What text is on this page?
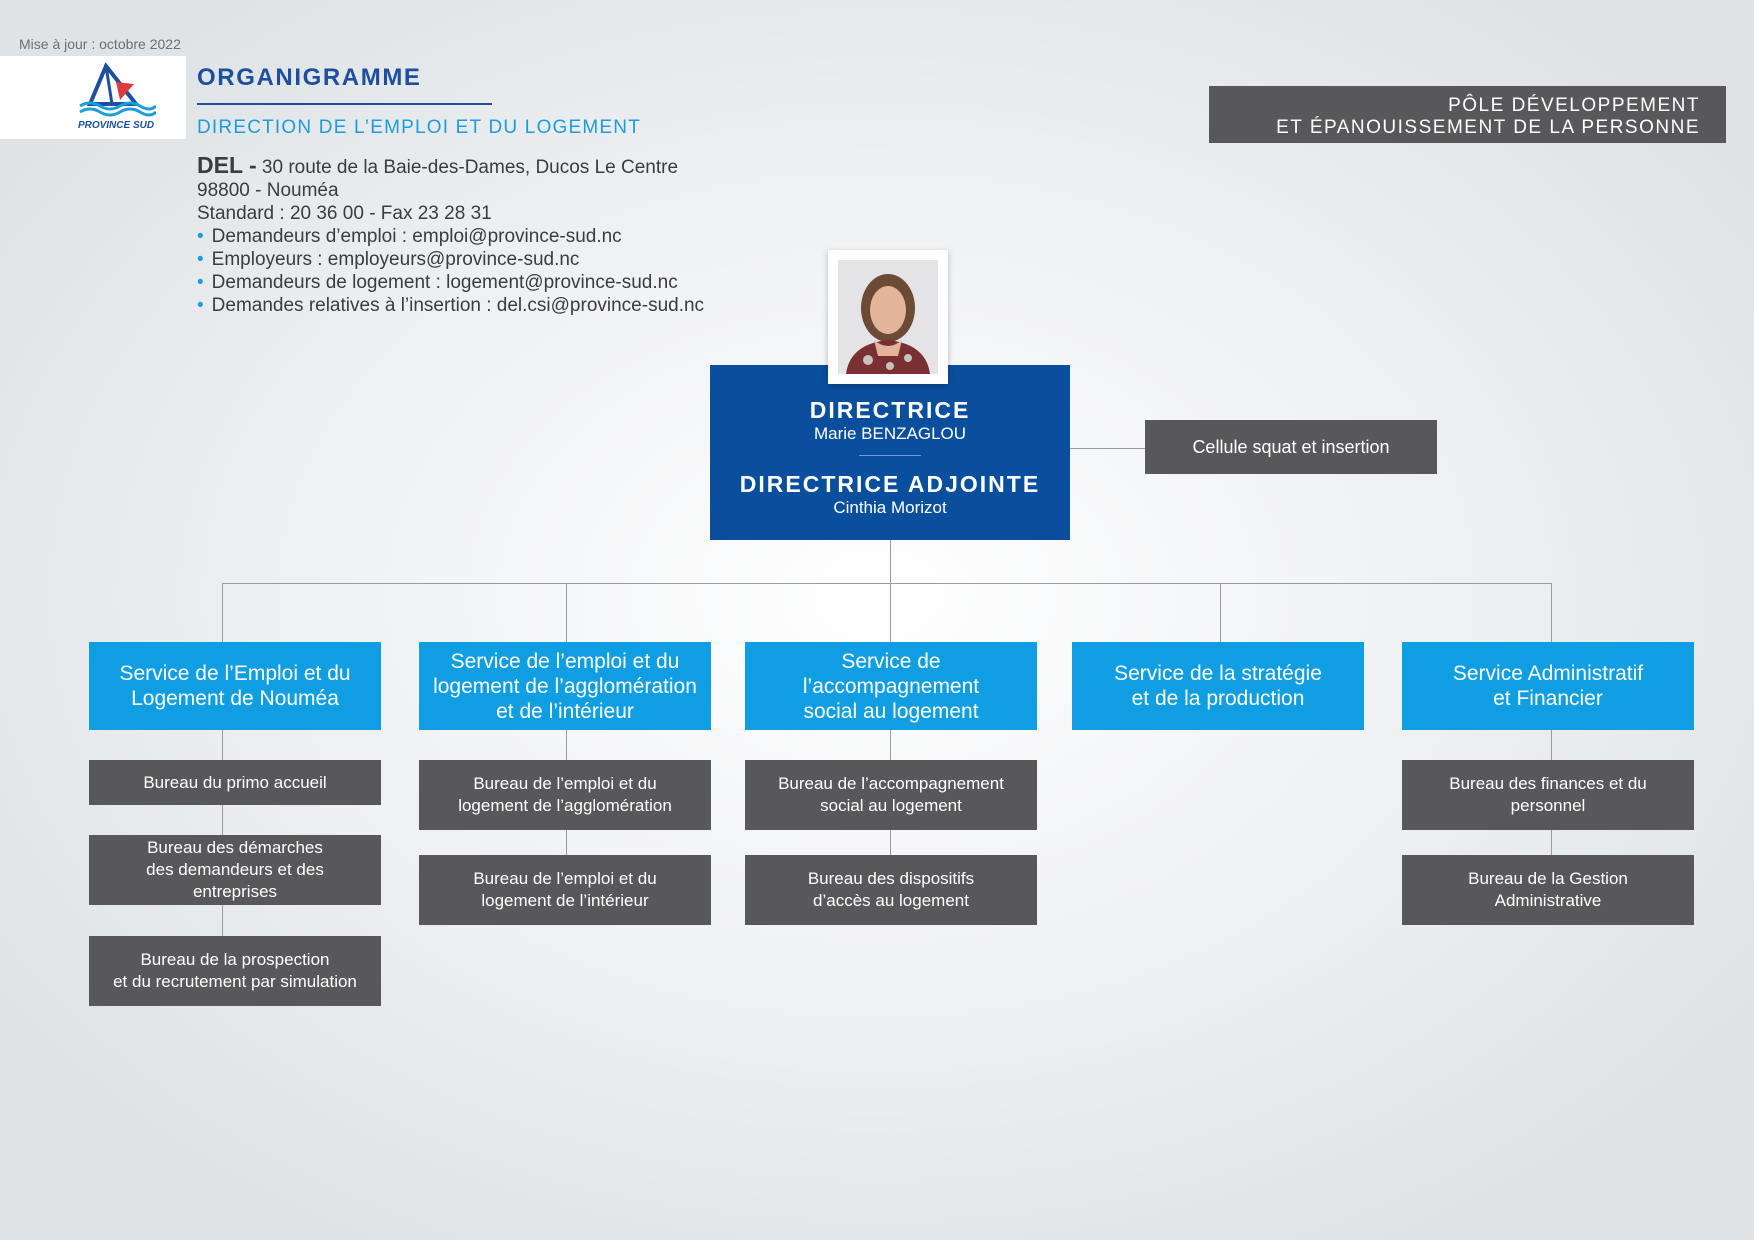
Mise à jour : octobre 2022
PROVINCE SUD
ORGANIGRAMME
DIRECTION DE L’EMPLOI ET DU LOGEMENT
DEL - 30 route de la Baie-des-Dames, Ducos Le Centre
98800 - Nouméa
Standard : 20 36 00 - Fax 23 28 31
• Demandeurs d’emploi : emploi@province-sud.nc
• Employeurs : employeurs@province-sud.nc
• Demandeurs de logement : logement@province-sud.nc
• Demandes relatives à l’insertion : del.csi@province-sud.nc
PÔLE DÉVELOPPEMENT
ET ÉPANOUISSEMENT DE LA PERSONNE
DIRECTRICE
Marie BENZAGLOU
DIRECTRICE ADJOINTE
Cinthia Morizot
Cellule squat et insertion
Service de l’Emploi et du
Logement de Nouméa
Service de l’emploi et du
logement de l’agglomération
et de l’intérieur
Service de
l’accompagnement
social au logement
Service de la stratégie
et de la production
Service Administratif
et Financier
Bureau du primo accueil
Bureau des démarches
des demandeurs et des
entreprises
Bureau de la prospection
et du recrutement par simulation
Bureau de l’emploi et du
logement de l’agglomération
Bureau de l’emploi et du
logement de l’intérieur
Bureau de l’accompagnement
social au logement
Bureau des dispositifs
d’accès au logement
Bureau des finances et du
personnel
Bureau de la Gestion
Administrative
